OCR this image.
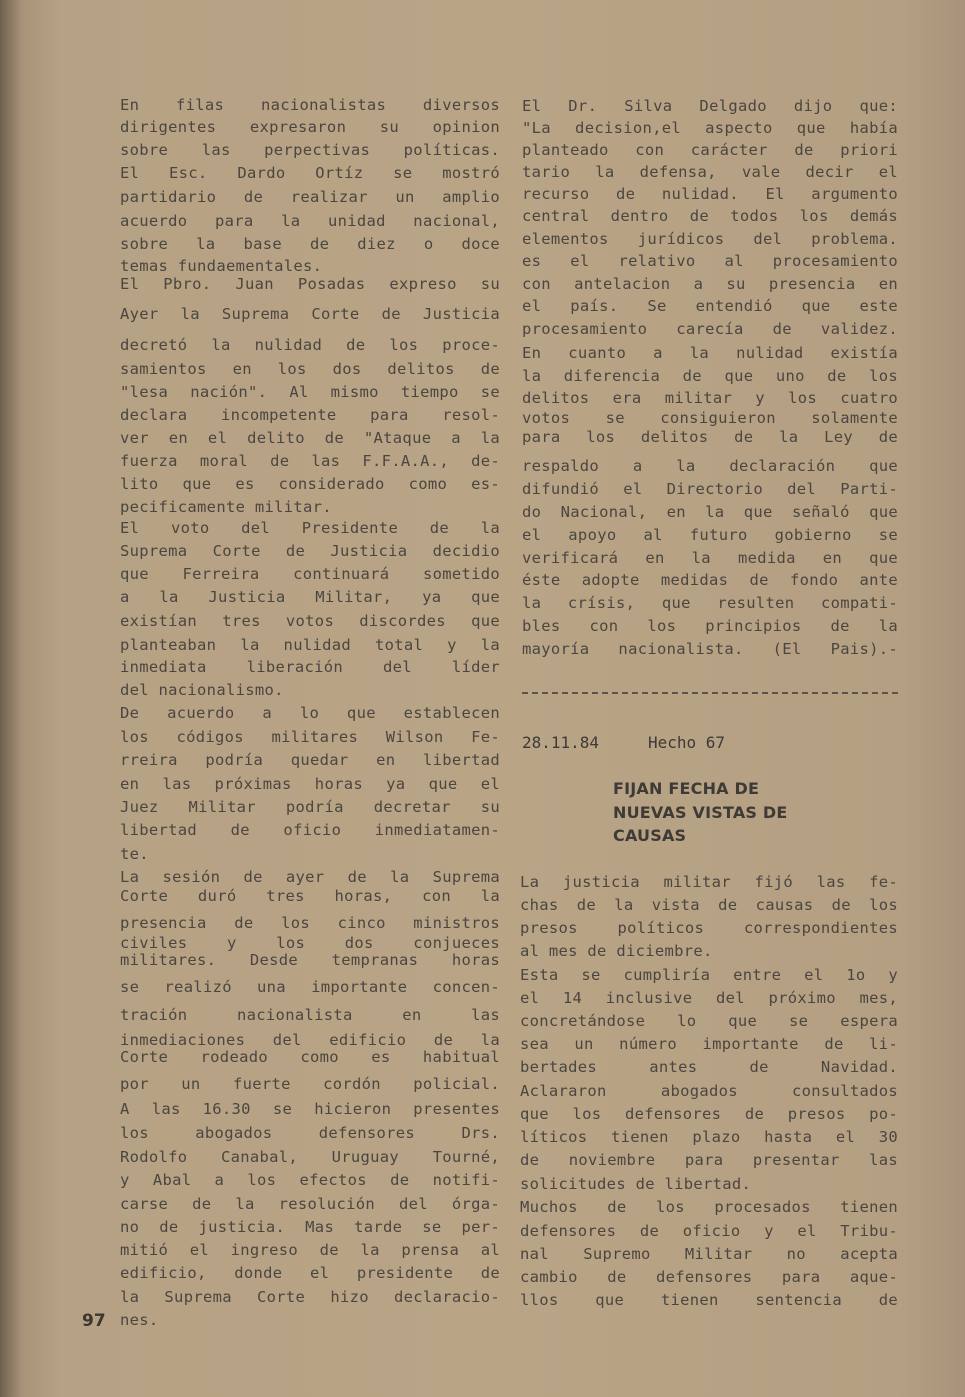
En filas nacionalistas diversos
dirigentes expresaron su opinion
sobre las perpectivas políticas.
El Esc. Dardo Ortíz se mostró
partidario de realizar un amplio
acuerdo para la unidad nacional,
sobre la base de diez o doce
temas fundaementales.
El Pbro. Juan Posadas expreso su
Ayer la Suprema Corte de Justicia
decretó la nulidad de los proce-
samientos en los dos delitos de
"lesa nación". Al mismo tiempo se
declara incompetente para resol-
ver en el delito de "Ataque a la
fuerza moral de las F.F.A.A., de-
lito que es considerado como es-
pecificamente militar.
El voto del Presidente de la
Suprema Corte de Justicia decidio
que Ferreira continuará sometido
a la Justicia Militar, ya que
existían tres votos discordes que
planteaban la nulidad total y la
inmediata liberación del líder
del nacionalismo.
De acuerdo a lo que establecen
los códigos militares Wilson Fe-
rreira podría quedar en libertad
en las próximas horas ya que el
Juez Militar podría decretar su
libertad de oficio inmediatamen-
te.
La sesión de ayer de la Suprema
Corte duró tres horas, con la
presencia de los cinco ministros
civiles y los dos conjueces
militares. Desde tempranas horas
se realizó una importante concen-
tración nacionalista en las
inmediaciones del edificio de la
Corte rodeado como es habitual
por un fuerte cordón policial.
A las 16.30 se hicieron presentes
los abogados defensores Drs.
Rodolfo Canabal, Uruguay Tourné,
y Abal a los efectos de notifi-
carse de la resolución del órga-
no de justicia. Mas tarde se per-
mitió el ingreso de la prensa al
edificio, donde el presidente de
la Suprema Corte hizo declaracio-
nes.
El Dr. Silva Delgado dijo que:
"La decision,el aspecto que había
planteado con carácter de priori
tario la defensa, vale decir el
recurso de nulidad. El argumento
central dentro de todos los demás
elementos jurídicos del problema.
es el relativo al procesamiento
con antelacion a su presencia en
el país. Se entendió que este
procesamiento carecía de validez.
En cuanto a la nulidad existía
la diferencia de que uno de los
delitos era militar y los cuatro
votos se consiguieron solamente
para los delitos de la Ley de
respaldo a la declaración que
difundió el Directorio del Parti-
do Nacional, en la que señaló que
el apoyo al futuro gobierno se
verificará en la medida en que
éste adopte medidas de fondo ante
la crísis, que resulten compati-
bles con los principios de la
mayoría nacionalista. (El Pais).-
28.11.84	Hecho 67
FIJAN FECHA DE
NUEVAS VISTAS DE
CAUSAS
La justicia militar fijó las fe-
chas de la vista de causas de los
presos políticos correspondientes
al mes de diciembre.
Esta se cumpliría entre el 1o y
el 14 inclusive del próximo mes,
concretándose lo que se espera
sea un número importante de li-
bertades antes de Navidad.
Aclararon abogados consultados
que los defensores de presos po-
líticos tienen plazo hasta el 30
de noviembre para presentar las
solicitudes de libertad.
Muchos de los procesados tienen
defensores de oficio y el Tribu-
nal Supremo Militar no acepta
cambio de defensores para aque-
llos que tienen sentencia de
97
